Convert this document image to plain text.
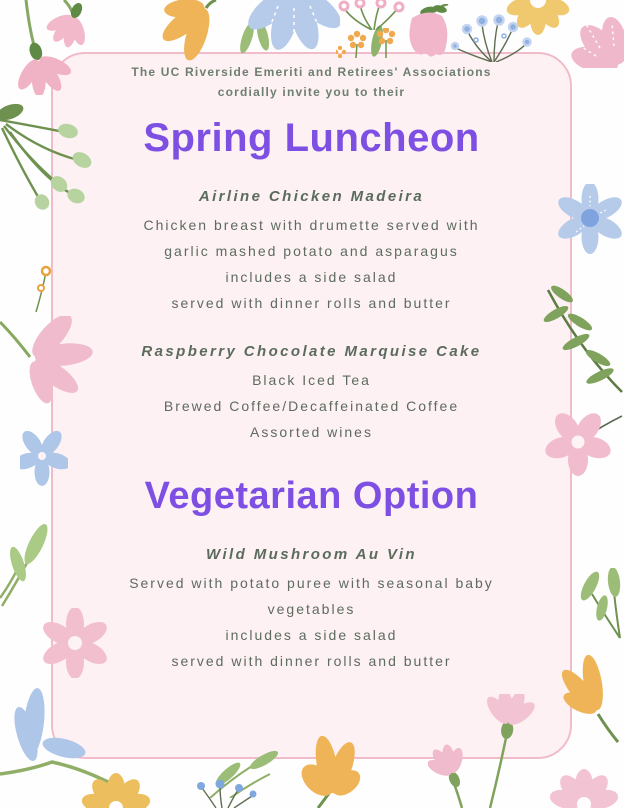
The UC Riverside Emeriti and Retirees' Associations
cordially invite you to their
Spring Luncheon
Airline Chicken Madeira
Chicken breast with drumette served with
garlic mashed potato and asparagus
includes a side salad
served with dinner rolls and butter
Raspberry Chocolate Marquise Cake
Black Iced Tea
Brewed Coffee/Decaffeinated Coffee
Assorted wines
Vegetarian Option
Wild Mushroom Au Vin
Served with potato puree with seasonal baby
vegetables
includes a side salad
served with dinner rolls and butter
